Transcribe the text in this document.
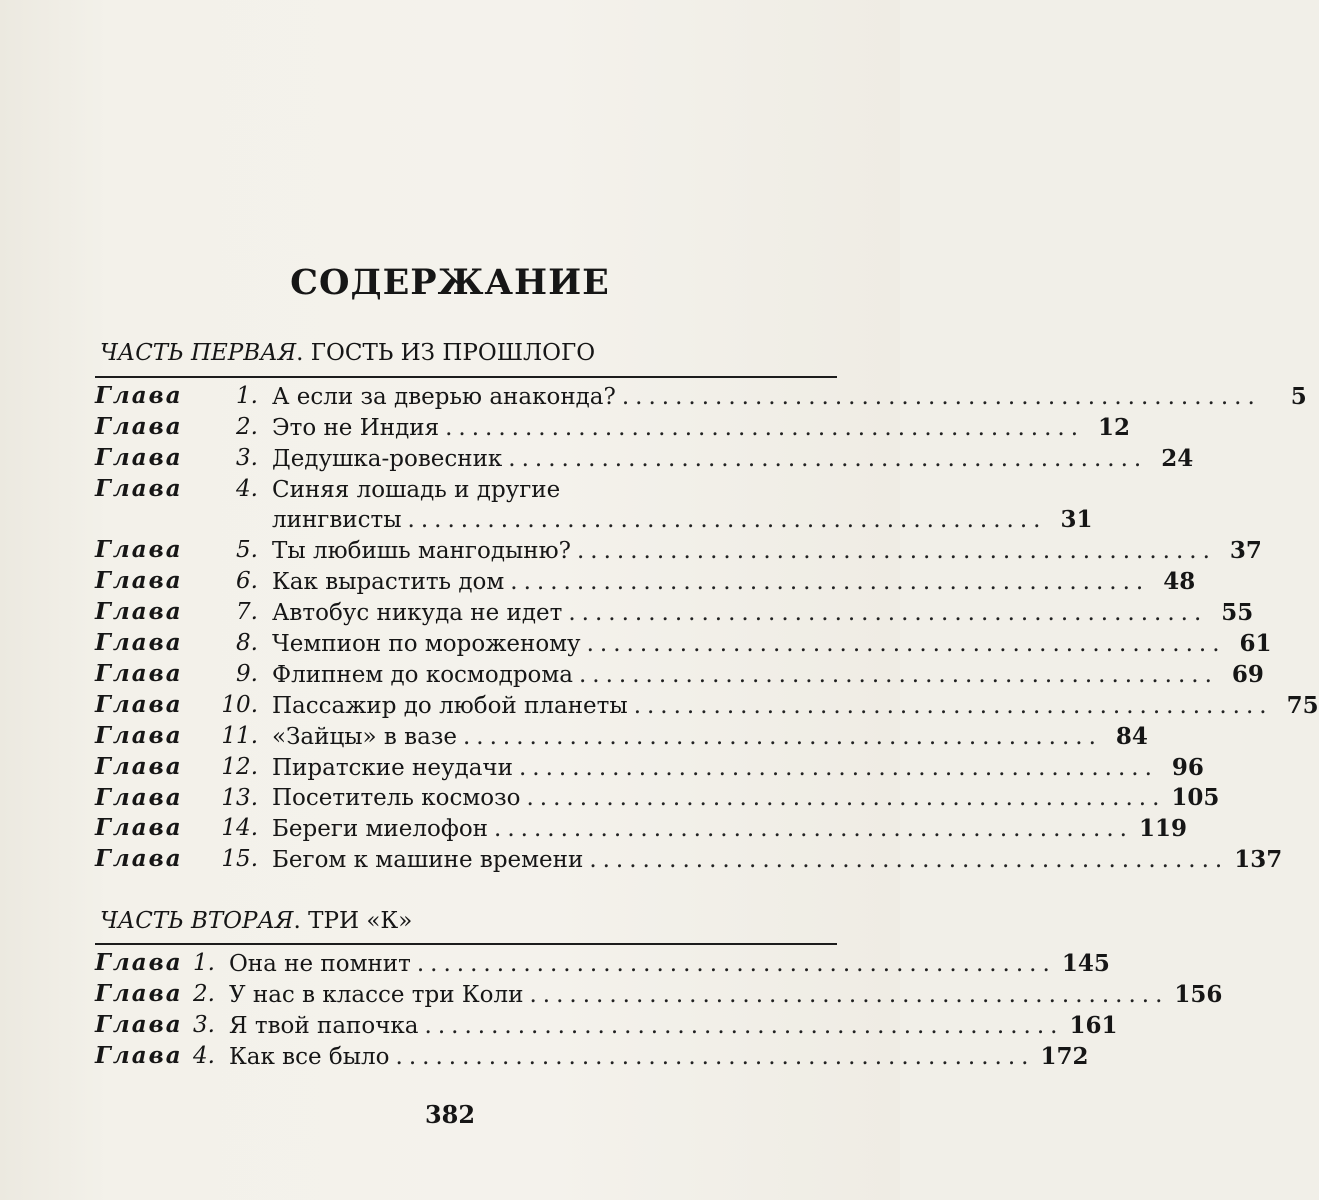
СОДЕРЖАНИЕ
ЧАСТЬ ПЕРВАЯ. ГОСТЬ ИЗ ПРОШЛОГО
Глава	1. А если за дверью анаконда? ................................................	5
Глава	2. Это не Индия ................................................ 12
Глава	3. Дедушка-ровесник ................................................ 24
Глава	4. Синяя лошадь и другие
лингвисты ................................................ 31
Глава	5. Ты любишь мангодыню? ................................................ 37
Глава	6. Как вырастить дом ................................................ 48
Глава	7. Автобус никуда не идет ................................................ 55
Глава	8. Чемпион по мороженому ................................................ 61
Глава	9. Флипнем до космодрома ................................................ 69
Глава	10. Пассажир до любой планеты ................................................ 75
Глава	11. «Зайцы» в вазе ................................................ 84
Глава	12. Пиратские неудачи ................................................ 96
Глава	13. Посетитель космозо ................................................ 105
Глава	14. Береги миелофон ................................................ 119
Глава	15. Бегом к машине времени ................................................ 137
ЧАСТЬ ВТОРАЯ. ТРИ «К»
Глава 1. Она не помнит ................................................ 145
Глава 2. У нас в классе три Коли ................................................ 156
Глава 3. Я твой папочка ................................................ 161
Глава 4. Как все было ................................................ 172
382
